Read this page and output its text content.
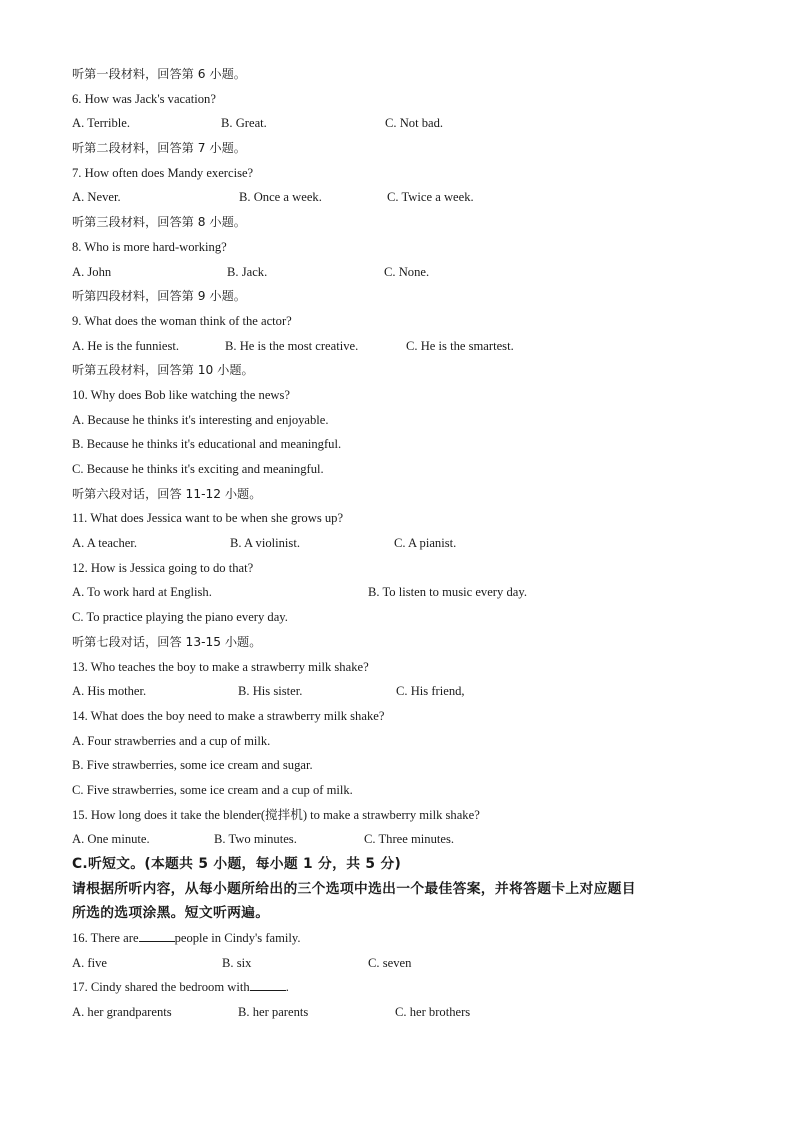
听第一段材料，回答第 6 小题。
6. How was Jack's vacation?
A. Terrible.	B. Great.	C. Not bad.
听第二段材料，回答第 7 小题。
7. How often does Mandy exercise?
A. Never.	B. Once a week.	C. Twice a week.
听第三段材料，回答第 8 小题。
8. Who is more hard-working?
A. John	B. Jack.	C. None.
听第四段材料，回答第 9 小题。
9. What does the woman think of the actor?
A. He is the funniest.	B. He is the most creative.	C. He is the smartest.
听第五段材料，回答第 10 小题。
10. Why does Bob like watching the news?
A. Because he thinks it's interesting and enjoyable.
B. Because he thinks it's educational and meaningful.
C. Because he thinks it's exciting and meaningful.
听第六段对话，回答 11-12 小题。
11. What does Jessica want to be when she grows up?
A. A teacher.	B. A violinist.	C. A pianist.
12. How is Jessica going to do that?
A. To work hard at English.	B. To listen to music every day.
C. To practice playing the piano every day.
听第七段对话，回答 13-15 小题。
13. Who teaches the boy to make a strawberry milk shake?
A. His mother.	B. His sister.	C. His friend,
14. What does the boy need to make a strawberry milk shake?
A. Four strawberries and a cup of milk.
B. Five strawberries, some ice cream and sugar.
C. Five strawberries, some ice cream and a cup of milk.
15. How long does it take the blender(搅拌机) to make a strawberry milk shake?
A. One minute.	B. Two minutes.	C. Three minutes.
C.听短文。(本题共 5 小题，每小题 1 分，共 5 分)
请根据所听内容，从每小题所给出的三个选项中选出一个最佳答案，并将答题卡上对应题目
所选的选项涂黑。短文听两遍。
16. There are	people in Cindy's family.
A. five	B. six	C. seven
17. Cindy shared the bedroom with	.
A. her grandparents	B. her parents	C. her brothers
